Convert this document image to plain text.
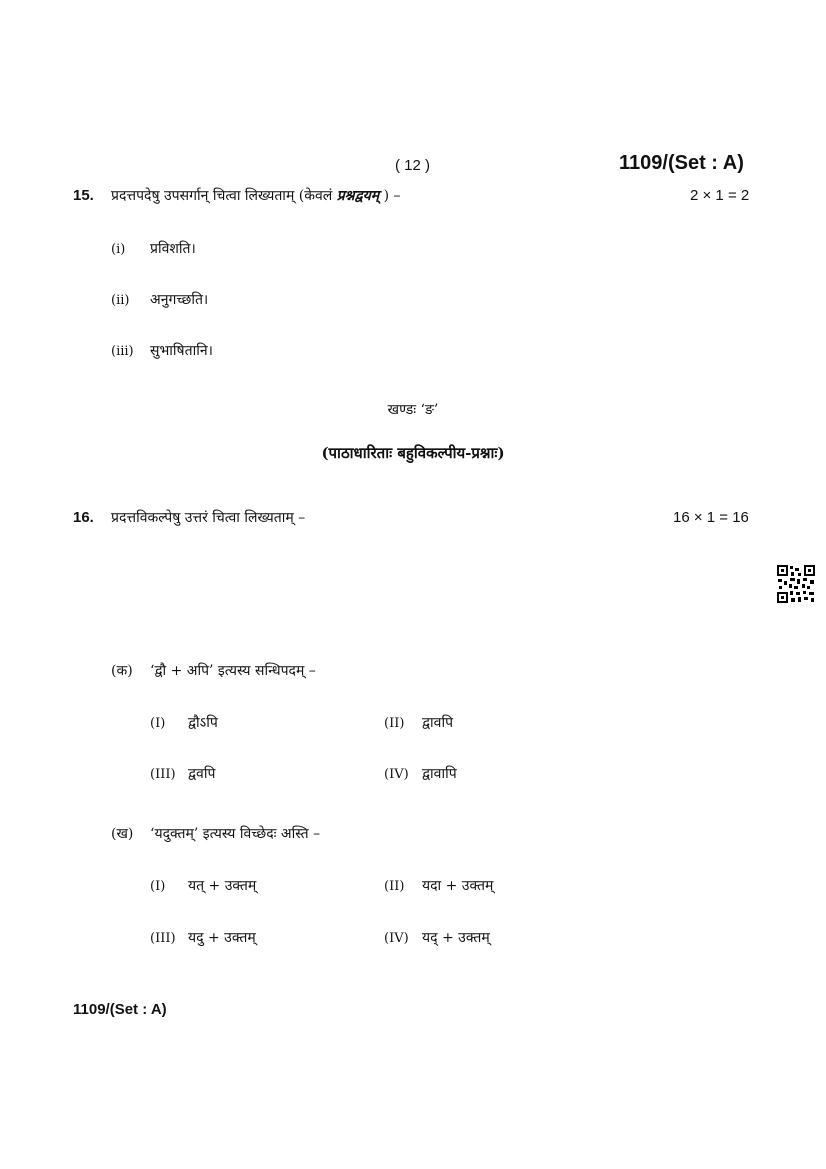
( 12 )	1109/(Set : A)
15. प्रदत्तपदेषु उपसर्गान् चित्वा लिख्यताम् (केवलं प्रश्नद्वयम् ) –	2 × 1 = 2
(i) प्रविशति।
(ii) अनुगच्छति।
(iii) सुभाषितानि।
खण्डः ‘ङ’
(पाठाधारिताः बहुविकल्पीय-प्रश्नाः)
16. प्रदत्तविकल्पेषु उत्तरं चित्वा लिख्यताम् –	16 × 1 = 16
(क) ‘द्वौ + अपि’ इत्यस्य सन्धिपदम् –
(I) द्वौऽपि	(II) द्वावपि
(III) द्ववपि	(IV) द्वावापि
(ख) ‘यदुक्तम्’ इत्यस्य विच्छेदः अस्ति –
(I) यत् + उक्तम्	(II) यदा + उक्तम्
(III) यदु + उक्तम्	(IV) यद् + उक्तम्
1109/(Set : A)
